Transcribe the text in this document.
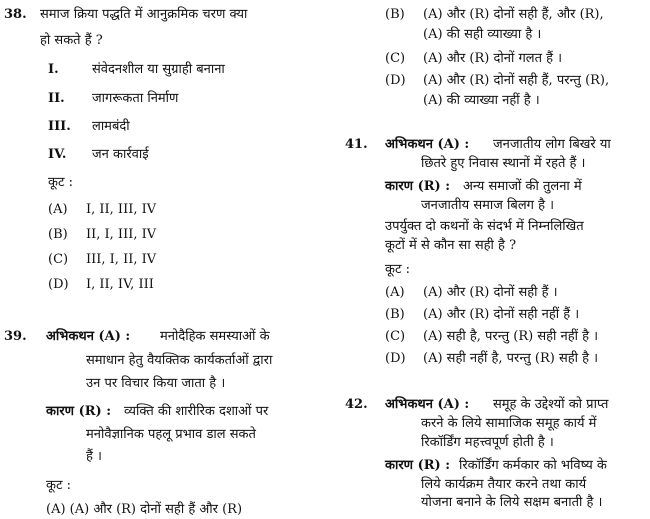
38. समाज क्रिया पद्धति में आनुक्रमिक चरण क्या
हो सकते हैं ?
I.	संवेदनशील या सुग्राही बनाना
II. जागरूकता निर्माण
III. लामबंदी
IV. जन कार्रवाई
कूट :
(A) I, II, III, IV
(B) II, I, III, IV
(C) III, I, II, IV
(D) I, II, IV, III
39. अभिकथन (A) : मनोदैहिक समस्याओं के
समाधान हेतु वैयक्तिक कार्यकर्ताओं द्वारा
उन पर विचार किया जाता है ।
कारण (R) : व्यक्ति की शारीरिक दशाओं पर
मनोवैज्ञानिक पहलू प्रभाव डाल सकते
हैं ।
कूट :
(A) (A) और (R) दोनों सही हैं और (R)
(B) (A) और (R) दोनों सही हैं, और (R),
(A) की सही व्याख्या है ।
(C) (A) और (R) दोनों गलत हैं ।
(D) (A) और (R) दोनों सही हैं, परन्तु (R),
(A) की व्याख्या नहीं है ।
41. अभिकथन (A) : जनजातीय लोग बिखरे या
छितरे हुए निवास स्थानों में रहते हैं ।
कारण (R) : अन्य समाजों की तुलना में
जनजातीय समाज बिलग है ।
उपर्युक्त दो कथनों के संदर्भ में निम्नलिखित
कूटों में से कौन सा सही है ?
कूट :
(A) (A) और (R) दोनों सही हैं ।
(B) (A) और (R) दोनों सही नहीं हैं ।
(C) (A) सही है, परन्तु (R) सही नहीं है ।
(D) (A) सही नहीं है, परन्तु (R) सही है ।
42. अभिकथन (A) : समूह के उद्देश्यों को प्राप्त
करने के लिये सामाजिक समूह कार्य में
रिकॉर्डिंग महत्त्वपूर्ण होती है ।
कारण (R) : रिकॉर्डिंग कर्मकार को भविष्य के
लिये कार्यक्रम तैयार करने तथा कार्य
योजना बनाने के लिये सक्षम बनाती है ।
